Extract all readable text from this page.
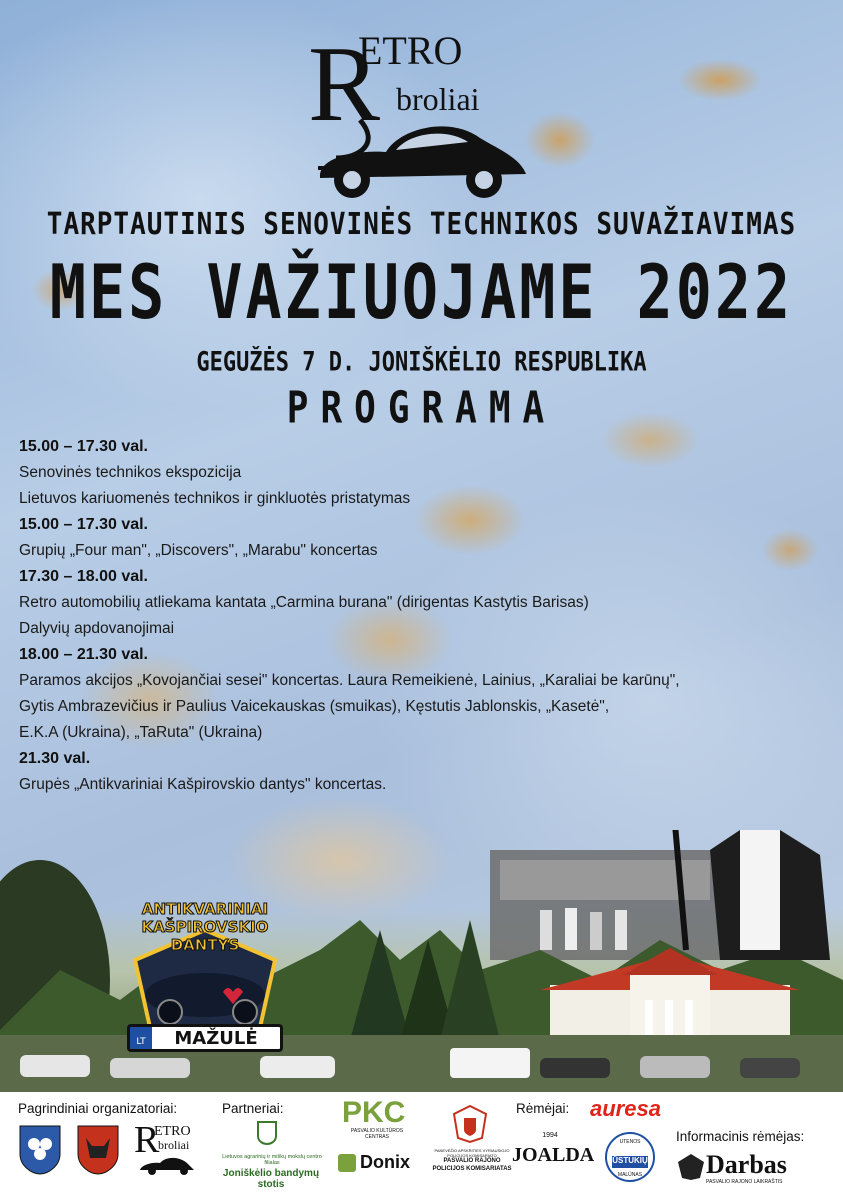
R
ETRO
broliai
TARPTAUTINIS SENOVINĖS TECHNIKOS SUVAŽIAVIMAS
MES VAŽIUOJAME 2022
GEGUŽĖS 7 D. JONIŠKĖLIO RESPUBLIKA
PROGRAMA
15.00 – 17.30 val.
Senovinės technikos ekspozicija
Lietuvos kariuomenės technikos ir ginkluotės pristatymas
15.00 – 17.30 val.
Grupių „Four man", „Discovers", „Marabu" koncertas
17.30 – 18.00 val.
Retro automobilių atliekama kantata „Carmina burana" (dirigentas Kastytis Barisas)
Dalyvių apdovanojimai
18.00 – 21.30 val.
Paramos akcijos „Kovojančiai sesei" koncertas. Laura Remeikienė, Lainius, „Karaliai be karūnų",
Gytis Ambrazevičius ir Paulius Vaicekauskas (smuikas), Kęstutis Jablonskis, „Kasetė",
E.K.A (Ukraina), „TaRuta" (Ukraina)
21.30 val.
Grupės „Antikvariniai Kašpirovskio dantys" koncertas.
ANTIKVARINIAI
KAŠPIROVSKIO
DANTYS
LT	MAŽULĖ
Pagrindiniai organizatoriai:	Partneriai:	Rėmėjai:
Informacinis rėmėjas:
R
ETRO
broliai
Lietuvos agrarinių ir miškų mokslų centro filialas
Joniškėlio bandymų stotis
PKC
PASVALIO KULTŪROS CENTRAS
Donix
PANEVĖŽIO APSKRITIES VYRIAUSIOJO POLICIJOS KOMISARIATO
PASVALIO RAJONO
POLICIJOS KOMISARIATAS
auresa
1994
JOALDA
UTENOS
ŪSTUKIŲ
MALŪNAS	Darbas
PASVALIO RAJONO LAIKRAŠTIS
